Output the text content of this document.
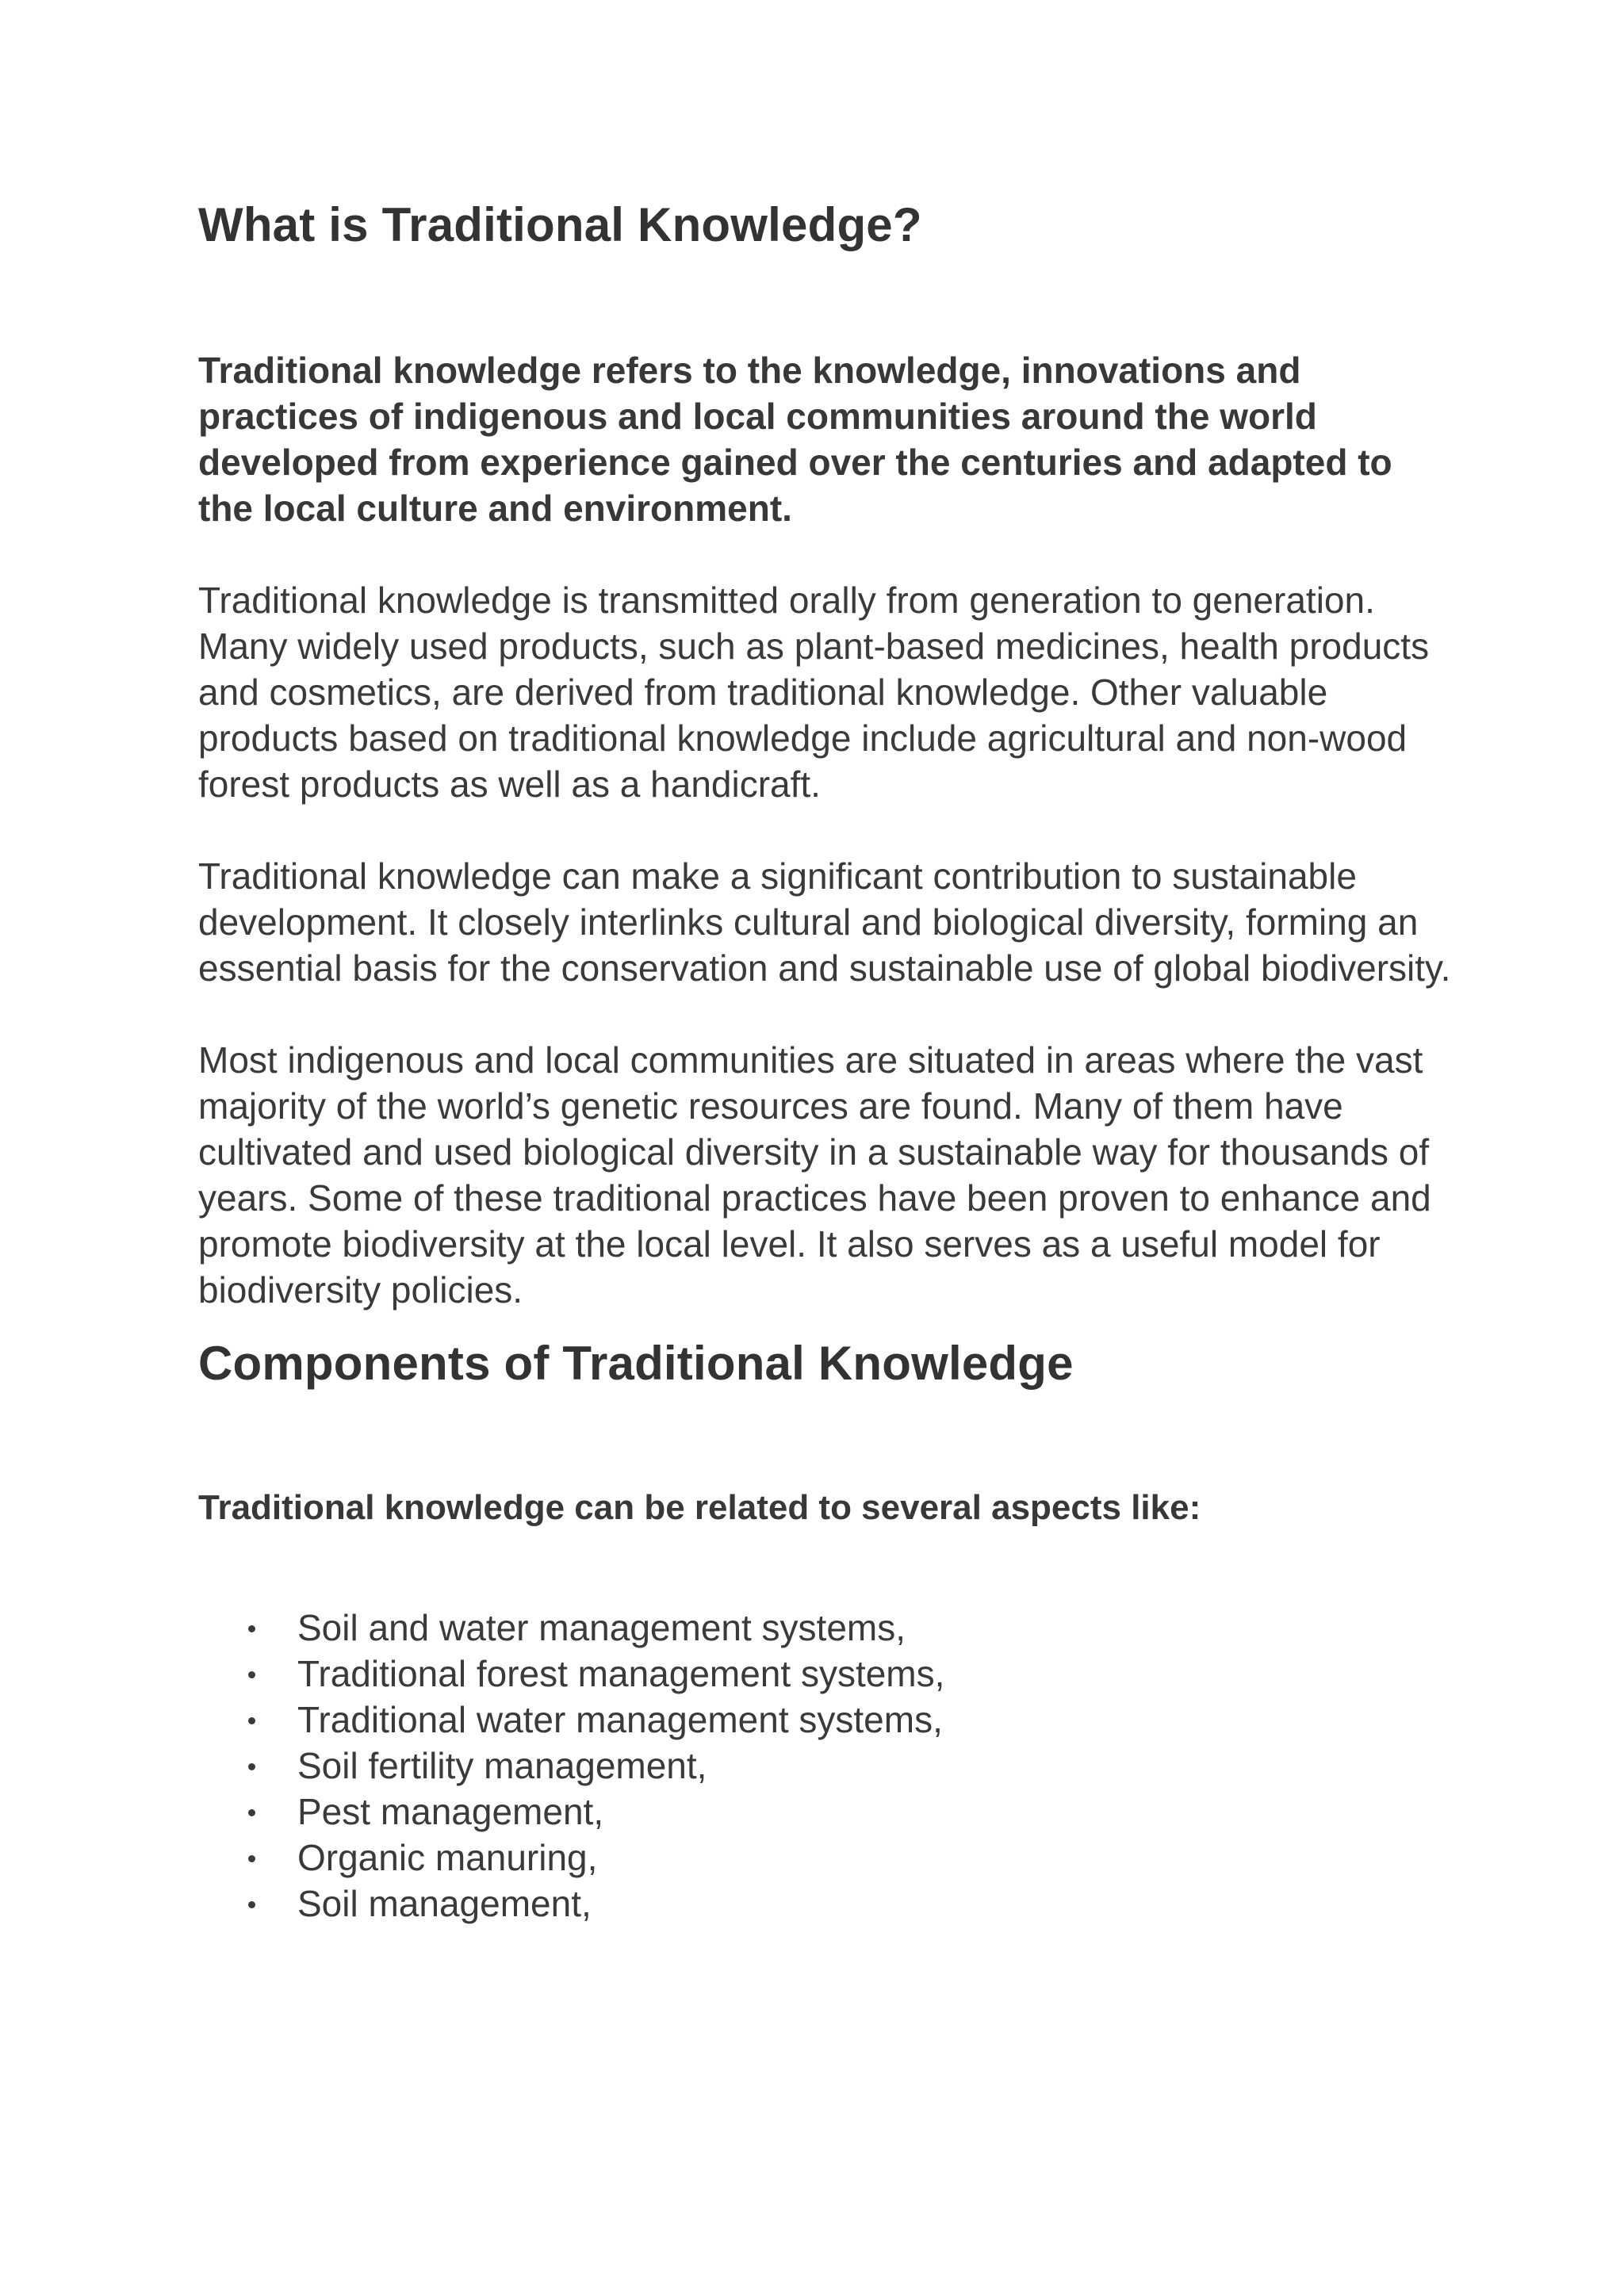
What is Traditional Knowledge?

Traditional knowledge refers to the knowledge, innovations and practices of indigenous and local communities around the world developed from experience gained over the centuries and adapted to the local culture and environment.

Traditional knowledge is transmitted orally from generation to generation. Many widely used products, such as plant-based medicines, health products and cosmetics, are derived from traditional knowledge. Other valuable products based on traditional knowledge include agricultural and non-wood forest products as well as a handicraft.

Traditional knowledge can make a significant contribution to sustainable development. It closely interlinks cultural and biological diversity, forming an essential basis for the conservation and sustainable use of global biodiversity.

Most indigenous and local communities are situated in areas where the vast majority of the world’s genetic resources are found. Many of them have cultivated and used biological diversity in a sustainable way for thousands of years. Some of these traditional practices have been proven to enhance and promote biodiversity at the local level. It also serves as a useful model for biodiversity policies.

Components of Traditional Knowledge

Traditional knowledge can be related to several aspects like:

Soil and water management systems,
Traditional forest management systems,
Traditional water management systems,
Soil fertility management,
Pest management,
Organic manuring,
Soil management,
